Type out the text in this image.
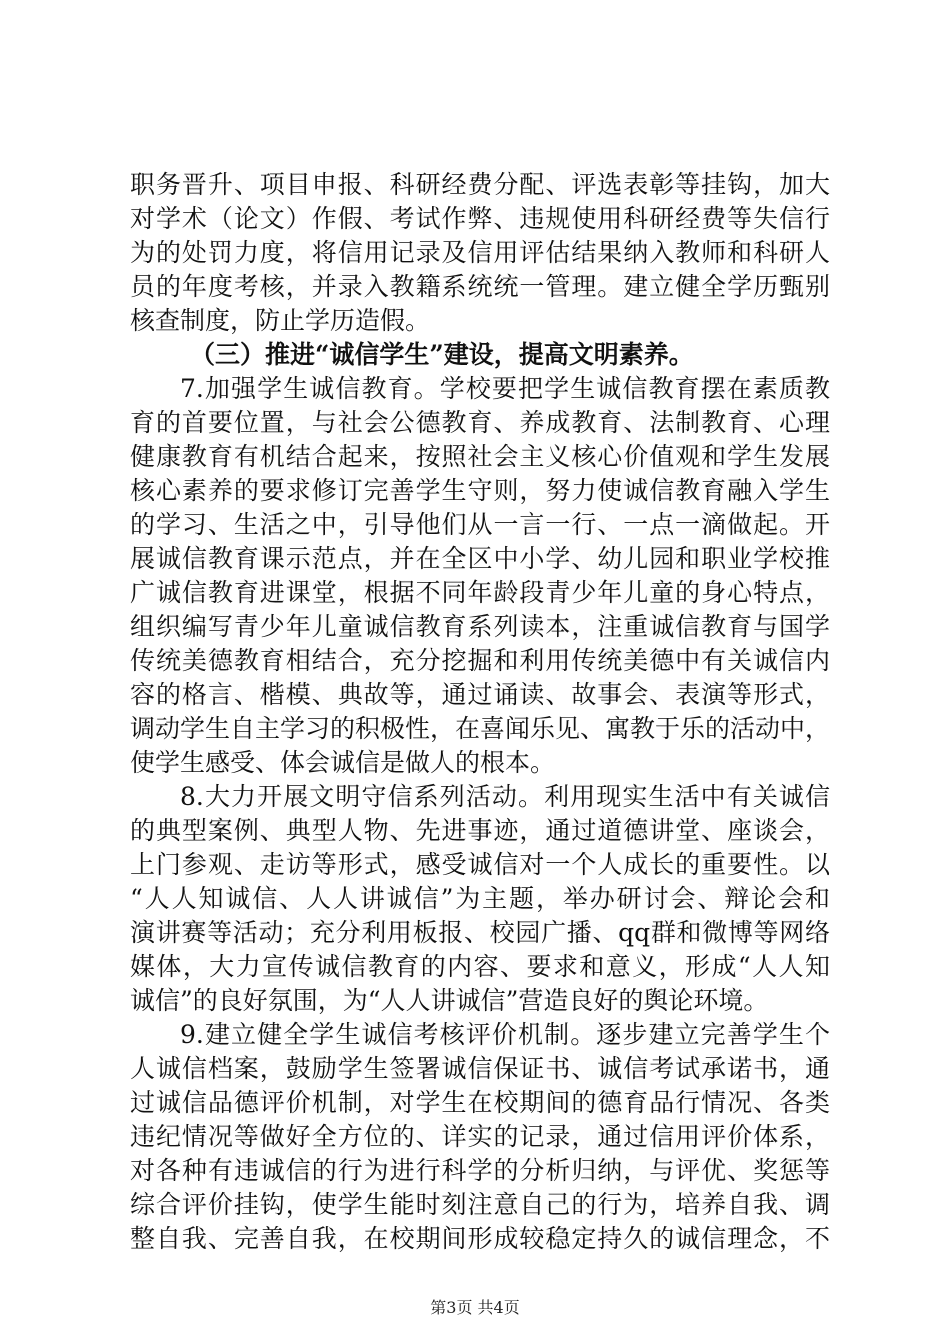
职务晋升、项目申报、科研经费分配、评选表彰等挂钩，加大
对学术（论文）作假、考试作弊、违规使用科研经费等失信行
为的处罚力度，将信用记录及信用评估结果纳入教师和科研人
员的年度考核，并录入教籍系统统一管理。建立健全学历甄别
核查制度，防止学历造假。
（三）推进“诚信学生”建设，提高文明素养。
7.加强学生诚信教育。学校要把学生诚信教育摆在素质教
育的首要位置，与社会公德教育、养成教育、法制教育、心理
健康教育有机结合起来，按照社会主义核心价值观和学生发展
核心素养的要求修订完善学生守则，努力使诚信教育融入学生
的学习、生活之中，引导他们从一言一行、一点一滴做起。开
展诚信教育课示范点，并在全区中小学、幼儿园和职业学校推
广诚信教育进课堂，根据不同年龄段青少年儿童的身心特点，
组织编写青少年儿童诚信教育系列读本，注重诚信教育与国学
传统美德教育相结合，充分挖掘和利用传统美德中有关诚信内
容的格言、楷模、典故等，通过诵读、故事会、表演等形式，
调动学生自主学习的积极性，在喜闻乐见、寓教于乐的活动中，
使学生感受、体会诚信是做人的根本。
8.大力开展文明守信系列活动。利用现实生活中有关诚信
的典型案例、典型人物、先进事迹，通过道德讲堂、座谈会，
上门参观、走访等形式，感受诚信对一个人成长的重要性。以
“人人知诚信、人人讲诚信”为主题，举办研讨会、辩论会和
演讲赛等活动；充分利用板报、校园广播、qq群和微博等网络
媒体，大力宣传诚信教育的内容、要求和意义，形成“人人知
诚信”的良好氛围，为“人人讲诚信”营造良好的舆论环境。
9.建立健全学生诚信考核评价机制。逐步建立完善学生个
人诚信档案，鼓励学生签署诚信保证书、诚信考试承诺书，通
过诚信品德评价机制，对学生在校期间的德育品行情况、各类
违纪情况等做好全方位的、详实的记录，通过信用评价体系，
对各种有违诚信的行为进行科学的分析归纳，与评优、奖惩等
综合评价挂钩，使学生能时刻注意自己的行为，培养自我、调
整自我、完善自我，在校期间形成较稳定持久的诚信理念，不
第3页 共4页
